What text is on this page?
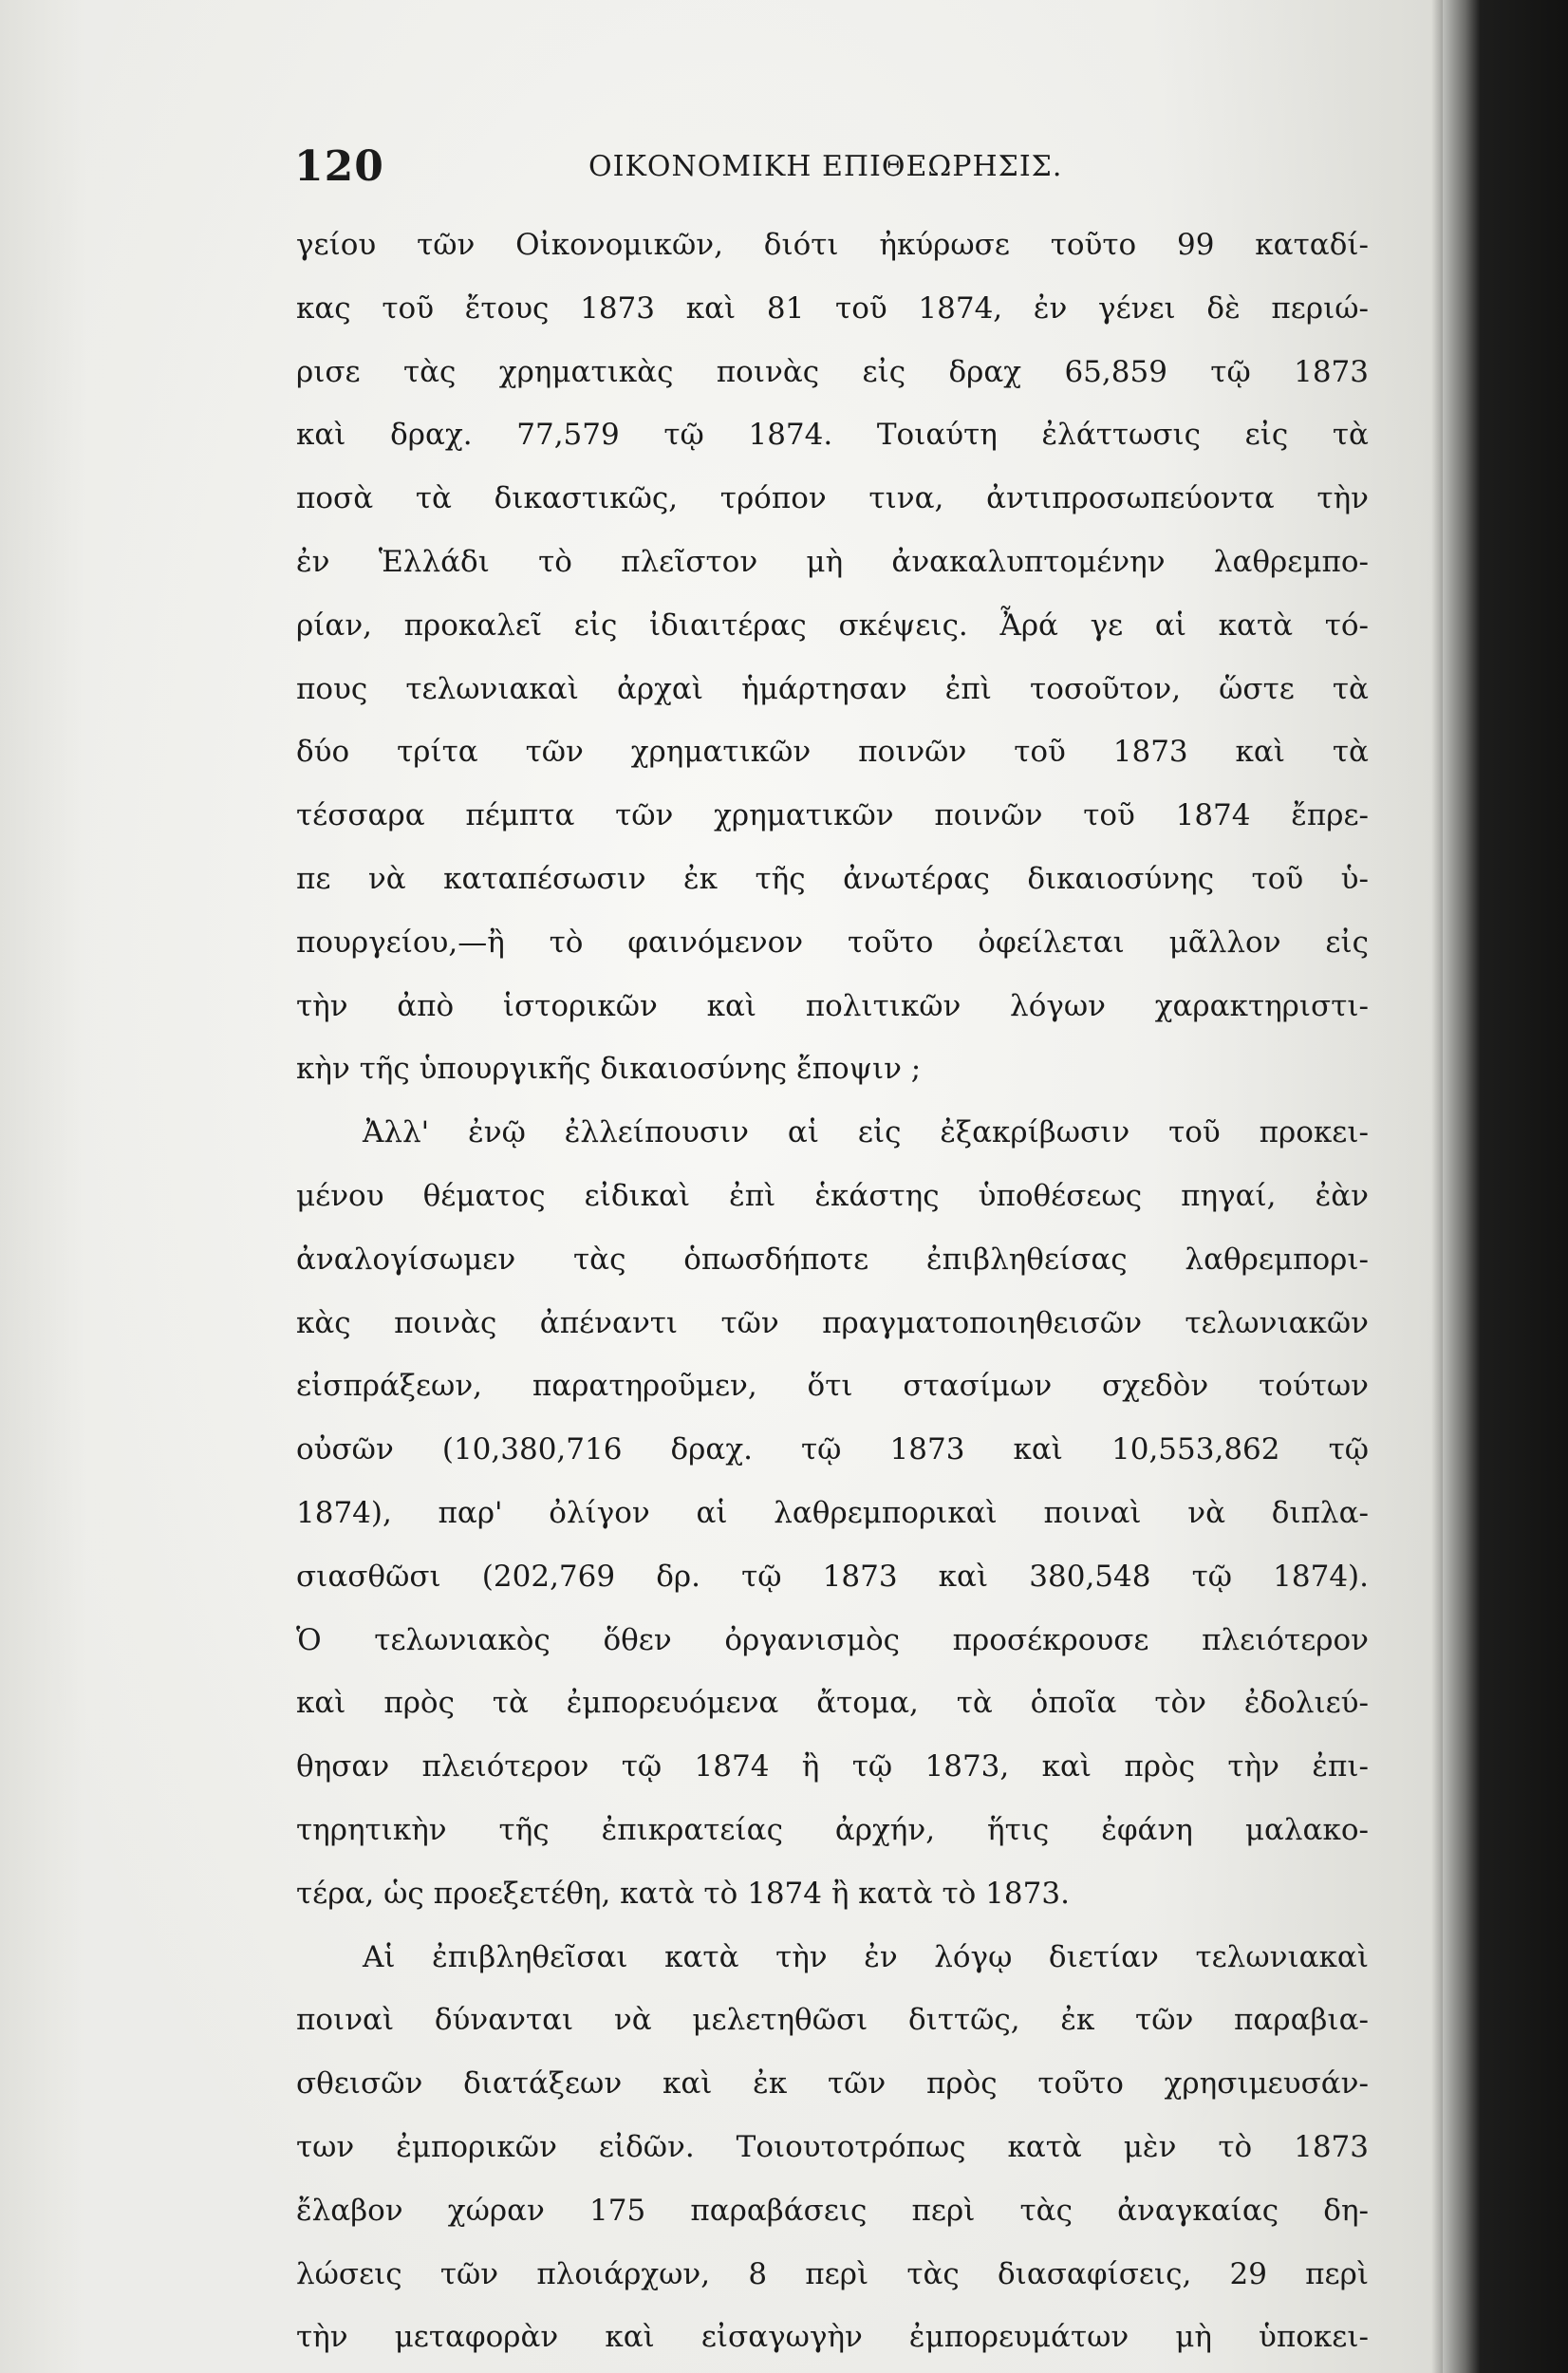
120	ΟΙΚΟΝΟΜΙΚΗ ΕΠΙΘΕΩΡΗΣΙΣ.
γείου τῶν Οἰκονομικῶν, διότι ἠκύρωσε τοῦτο 99 καταδί-
κας τοῦ ἔτους 1873 καὶ 81 τοῦ 1874, ἐν γένει δὲ περιώ-
ρισε τὰς χρηματικὰς ποινὰς εἰς δραχ 65,859 τῷ 1873
καὶ δραχ. 77,579 τῷ 1874. Τοιαύτη ἐλάττωσις εἰς τὰ
ποσὰ τὰ δικαστικῶς, τρόπον τινα, ἀντιπροσωπεύοντα τὴν
ἐν Ἑλλάδι τὸ πλεῖστον μὴ ἀνακαλυπτομένην λαθρεμπο-
ρίαν, προκαλεῖ εἰς ἰδιαιτέρας σκέψεις. Ἆρά γε αἱ κατὰ τό-
πους τελωνιακαὶ ἀρχαὶ ἡμάρτησαν ἐπὶ τοσοῦτον, ὥστε τὰ
δύο τρίτα τῶν χρηματικῶν ποινῶν τοῦ 1873 καὶ τὰ
τέσσαρα πέμπτα τῶν χρηματικῶν ποινῶν τοῦ 1874 ἔπρε-
πε νὰ καταπέσωσιν ἐκ τῆς ἀνωτέρας δικαιοσύνης τοῦ ὑ-
πουργείου,—ἢ τὸ φαινόμενον τοῦτο ὀφείλεται μᾶλλον εἰς
τὴν ἀπὸ ἱστορικῶν καὶ πολιτικῶν λόγων χαρακτηριστι-
κὴν τῆς ὑπουργικῆς δικαιοσύνης ἔποψιν ;
Ἀλλ' ἐνῷ ἐλλείπουσιν αἱ εἰς ἐξακρίβωσιν τοῦ προκει-
μένου θέματος εἰδικαὶ ἐπὶ ἑκάστης ὑποθέσεως πηγαί, ἐὰν
ἀναλογίσωμεν τὰς ὁπωσδήποτε ἐπιβληθείσας λαθρεμπορι-
κὰς ποινὰς ἀπέναντι τῶν πραγματοποιηθεισῶν τελωνιακῶν
εἰσπράξεων, παρατηροῦμεν, ὅτι στασίμων σχεδὸν τούτων
οὐσῶν (10,380,716 δραχ. τῷ 1873 καὶ 10,553,862 τῷ
1874), παρ' ὀλίγον αἱ λαθρεμπορικαὶ ποιναὶ νὰ διπλα-
σιασθῶσι (202,769 δρ. τῷ 1873 καὶ 380,548 τῷ 1874).
Ὁ τελωνιακὸς ὅθεν ὀργανισμὸς προσέκρουσε πλειότερον
καὶ πρὸς τὰ ἐμπορευόμενα ἄτομα, τὰ ὁποῖα τὸν ἐδολιεύ-
θησαν πλειότερον τῷ 1874 ἢ τῷ 1873, καὶ πρὸς τὴν ἐπι-
τηρητικὴν τῆς ἐπικρατείας ἀρχήν, ἥτις ἐφάνη μαλακο-
τέρα, ὡς προεξετέθη, κατὰ τὸ 1874 ἢ κατὰ τὸ 1873.
Αἱ ἐπιβληθεῖσαι κατὰ τὴν ἐν λόγῳ διετίαν τελωνιακαὶ
ποιναὶ δύνανται νὰ μελετηθῶσι διττῶς, ἐκ τῶν παραβια-
σθεισῶν διατάξεων καὶ ἐκ τῶν πρὸς τοῦτο χρησιμευσάν-
των ἐμπορικῶν εἰδῶν. Τοιουτοτρόπως κατὰ μὲν τὸ 1873
ἔλαβον χώραν 175 παραβάσεις περὶ τὰς ἀναγκαίας δη-
λώσεις τῶν πλοιάρχων, 8 περὶ τὰς διασαφίσεις, 29 περὶ
τὴν μεταφορὰν καὶ εἰσαγωγὴν ἐμπορευμάτων μὴ ὑποκει-
